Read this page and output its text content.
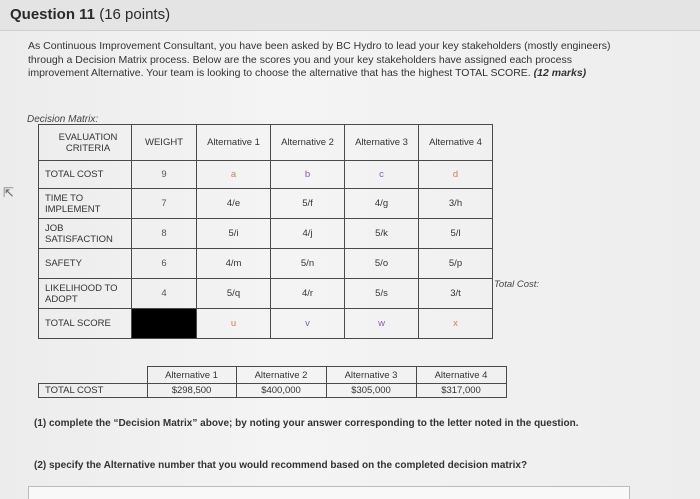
Question 11 (16 points)
As Continuous Improvement Consultant, you have been asked by BC Hydro to lead your key stakeholders (mostly engineers) through a Decision Matrix process. Below are the scores you and your key stakeholders have assigned each process improvement Alternative. Your team is looking to choose the alternative that has the highest TOTAL SCORE. (12 marks)
⇱
Decision Matrix:
EVALUATION CRITERIA	WEIGHT	Alternative 1	Alternative 2	Alternative 3	Alternative 4
TOTAL COST	9	a	b	c	d
TIME TO IMPLEMENT	7	4/e	5/f	4/g	3/h
JOB SATISFACTION	8	5/i	4/j	5/k	5/l
SAFETY	6	4/m	5/n	5/o	5/p
LIKELIHOOD TO ADOPT	4	5/q	4/r	5/s	3/t
TOTAL SCORE		u	v	w	x
Total Cost:
	Alternative 1	Alternative 2	Alternative 3	Alternative 4
TOTAL COST	$298,500	$400,000	$305,000	$317,000
(1) complete the “Decision Matrix” above; by noting your answer corresponding to the letter noted in the question.
(2) specify the Alternative number that you would recommend based on the completed decision matrix?
